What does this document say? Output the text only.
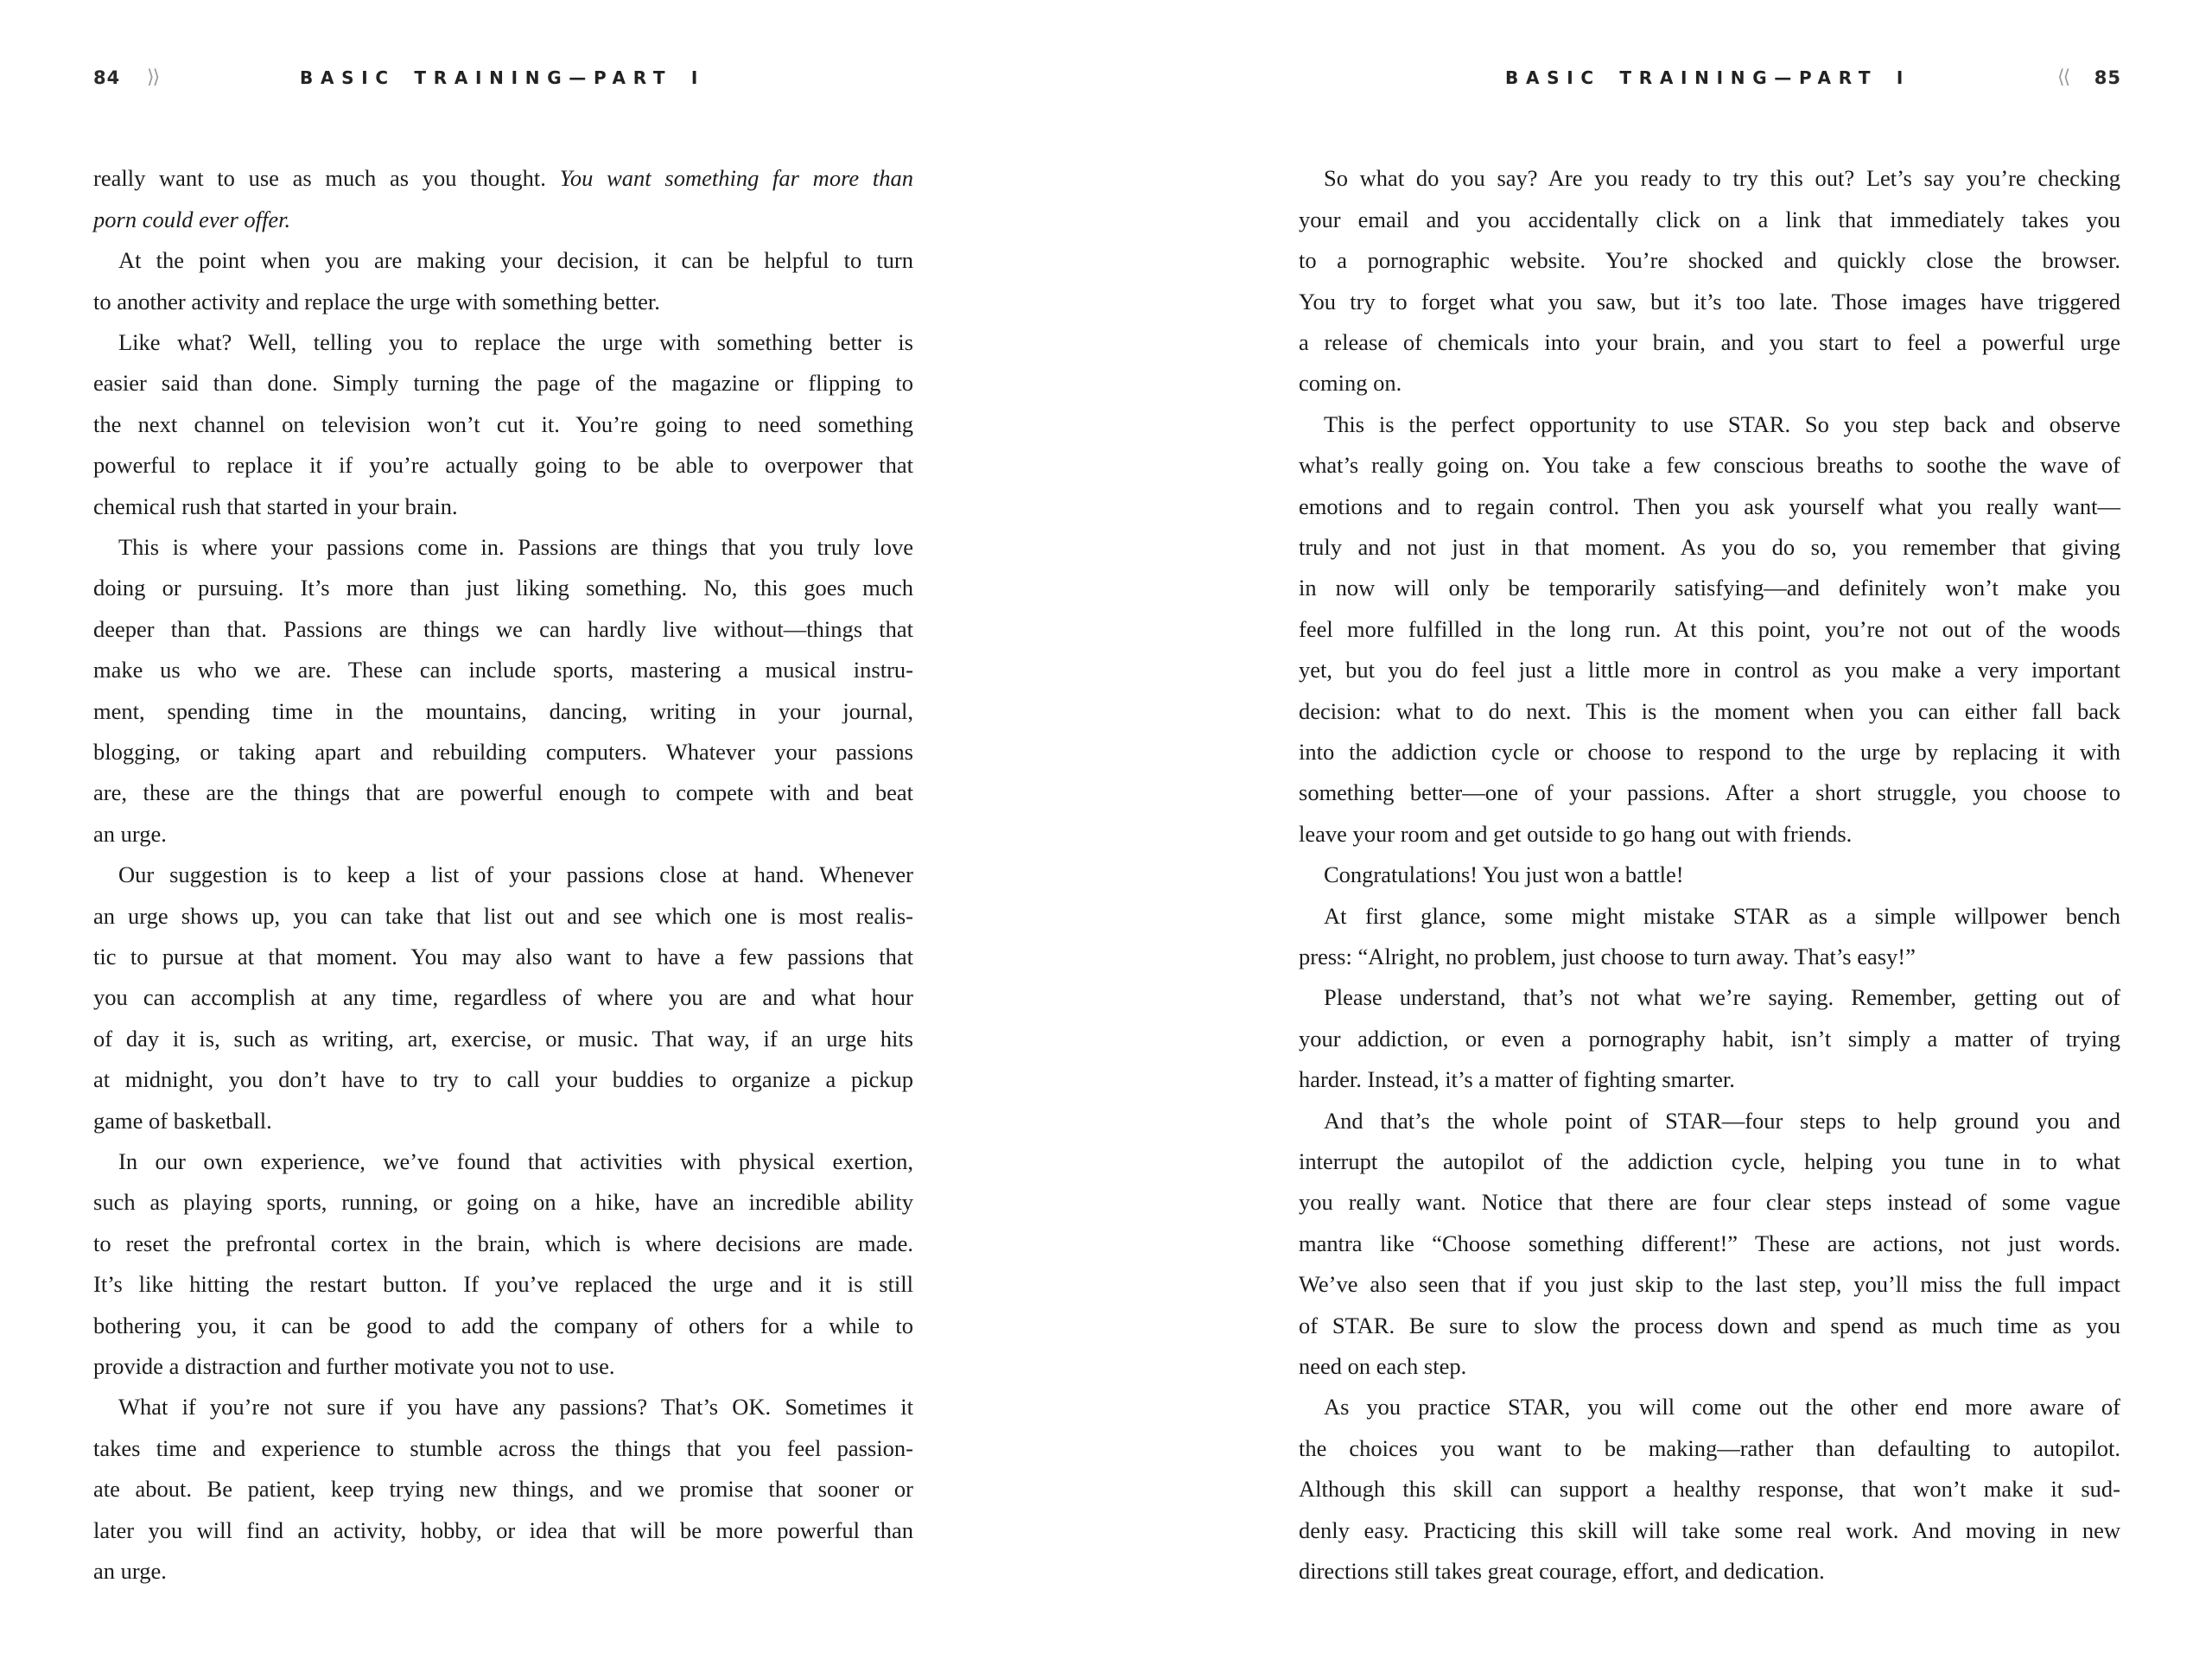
84 ⟩⟩	BASIC TRAINING—PART I
really want to use as much as you thought. You want something far more than
porn could ever offer.
At the point when you are making your decision, it can be helpful to turn
to another activity and replace the urge with something better.
Like what? Well, telling you to replace the urge with something better is
easier said than done. Simply turning the page of the magazine or flipping to
the next channel on television won’t cut it. You’re going to need something
powerful to replace it if you’re actually going to be able to overpower that
chemical rush that started in your brain.
This is where your passions come in. Passions are things that you truly love
doing or pursuing. It’s more than just liking something. No, this goes much
deeper than that. Passions are things we can hardly live without—things that
make us who we are. These can include sports, mastering a musical instru-
ment, spending time in the mountains, dancing, writing in your journal,
blogging, or taking apart and rebuilding computers. Whatever your passions
are, these are the things that are powerful enough to compete with and beat
an urge.
Our suggestion is to keep a list of your passions close at hand. Whenever
an urge shows up, you can take that list out and see which one is most realis-
tic to pursue at that moment. You may also want to have a few passions that
you can accomplish at any time, regardless of where you are and what hour
of day it is, such as writing, art, exercise, or music. That way, if an urge hits
at midnight, you don’t have to try to call your buddies to organize a pickup
game of basketball.
In our own experience, we’ve found that activities with physical exertion,
such as playing sports, running, or going on a hike, have an incredible ability
to reset the prefrontal cortex in the brain, which is where decisions are made.
It’s like hitting the restart button. If you’ve replaced the urge and it is still
bothering you, it can be good to add the company of others for a while to
provide a distraction and further motivate you not to use.
What if you’re not sure if you have any passions? That’s OK. Sometimes it
takes time and experience to stumble across the things that you feel passion-
ate about. Be patient, keep trying new things, and we promise that sooner or
later you will find an activity, hobby, or idea that will be more powerful than
an urge.
BASIC TRAINING—PART I	⟨⟨ 85
So what do you say? Are you ready to try this out? Let’s say you’re checking
your email and you accidentally click on a link that immediately takes you
to a pornographic website. You’re shocked and quickly close the browser.
You try to forget what you saw, but it’s too late. Those images have triggered
a release of chemicals into your brain, and you start to feel a powerful urge
coming on.
This is the perfect opportunity to use STAR. So you step back and observe
what’s really going on. You take a few conscious breaths to soothe the wave of
emotions and to regain control. Then you ask yourself what you really want—
truly and not just in that moment. As you do so, you remember that giving
in now will only be temporarily satisfying—and definitely won’t make you
feel more fulfilled in the long run. At this point, you’re not out of the woods
yet, but you do feel just a little more in control as you make a very important
decision: what to do next. This is the moment when you can either fall back
into the addiction cycle or choose to respond to the urge by replacing it with
something better—one of your passions. After a short struggle, you choose to
leave your room and get outside to go hang out with friends.
Congratulations! You just won a battle!
At first glance, some might mistake STAR as a simple willpower bench
press: “Alright, no problem, just choose to turn away. That’s easy!”
Please understand, that’s not what we’re saying. Remember, getting out of
your addiction, or even a pornography habit, isn’t simply a matter of trying
harder. Instead, it’s a matter of fighting smarter.
And that’s the whole point of STAR—four steps to help ground you and
interrupt the autopilot of the addiction cycle, helping you tune in to what
you really want. Notice that there are four clear steps instead of some vague
mantra like “Choose something different!” These are actions, not just words.
We’ve also seen that if you just skip to the last step, you’ll miss the full impact
of STAR. Be sure to slow the process down and spend as much time as you
need on each step.
As you practice STAR, you will come out the other end more aware of
the choices you want to be making—rather than defaulting to autopilot.
Although this skill can support a healthy response, that won’t make it sud-
denly easy. Practicing this skill will take some real work. And moving in new
directions still takes great courage, effort, and dedication.
